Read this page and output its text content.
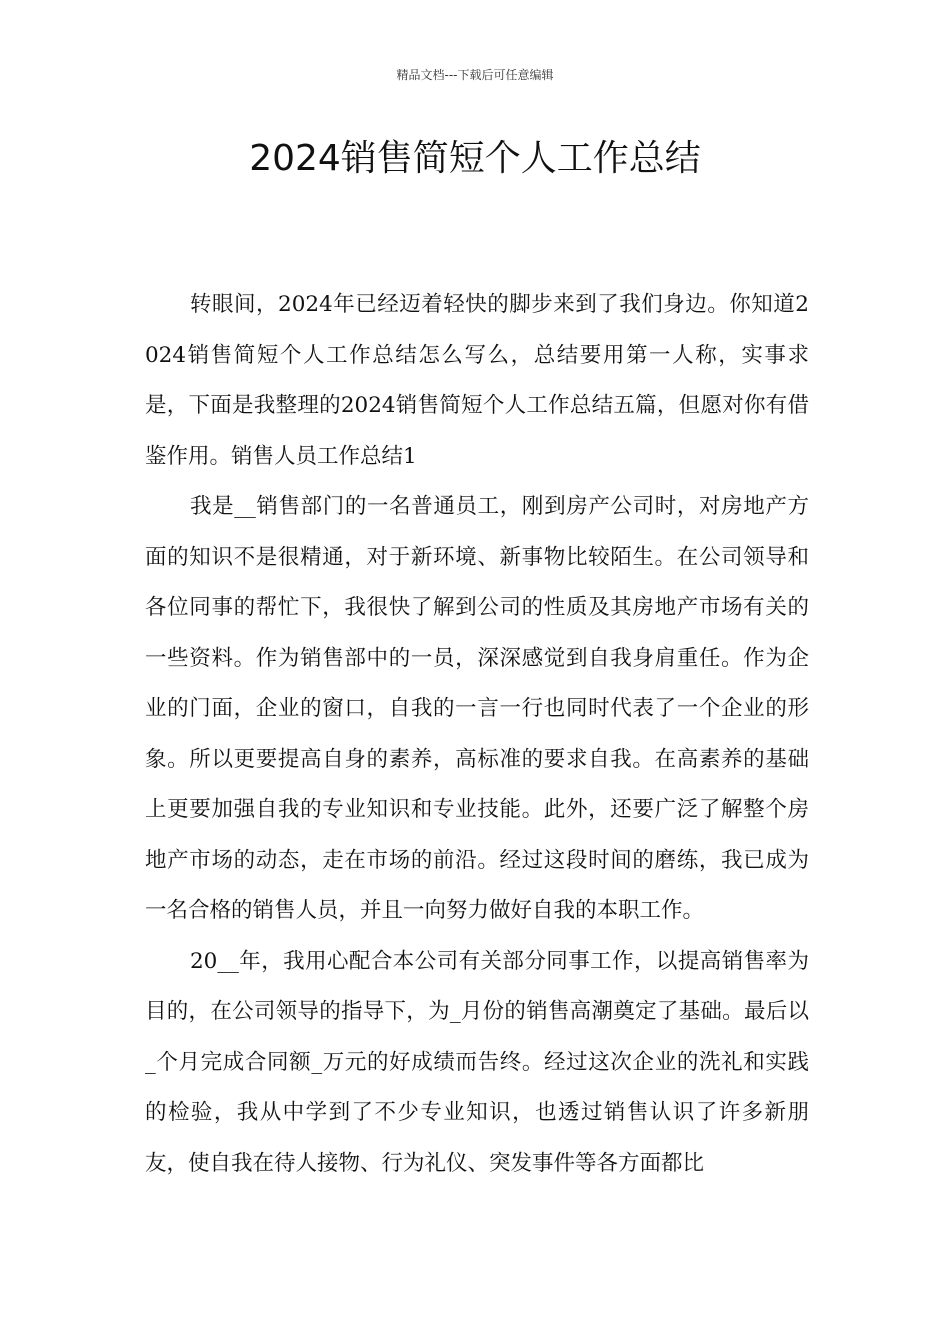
精品文档---下载后可任意编辑
2024销售简短个人工作总结

转眼间，2024年已经迈着轻快的脚步来到了我们身边。你知道2024销售简短个人工作总结怎么写么，总结要用第一人称，实事求是，下面是我整理的2024销售简短个人工作总结五篇，但愿对你有借鉴作用。销售人员工作总结1

我是__销售部门的一名普通员工，刚到房产公司时，对房地产方面的知识不是很精通，对于新环境、新事物比较陌生。在公司领导和各位同事的帮忙下，我很快了解到公司的性质及其房地产市场有关的一些资料。作为销售部中的一员，深深感觉到自我身肩重任。作为企业的门面，企业的窗口，自我的一言一行也同时代表了一个企业的形象。所以更要提高自身的素养，高标准的要求自我。在高素养的基础上更要加强自我的专业知识和专业技能。此外，还要广泛了解整个房地产市场的动态，走在市场的前沿。经过这段时间的磨练，我已成为一名合格的销售人员，并且一向努力做好自我的本职工作。

20__年，我用心配合本公司有关部分同事工作，以提高销售率为目的，在公司领导的指导下，为_月份的销售高潮奠定了基础。最后以_个月完成合同额_万元的好成绩而告终。经过这次企业的洗礼和实践的检验，我从中学到了不少专业知识，也透过销售认识了许多新朋友，使自我在待人接物、行为礼仪、突发事件等各方面都比
